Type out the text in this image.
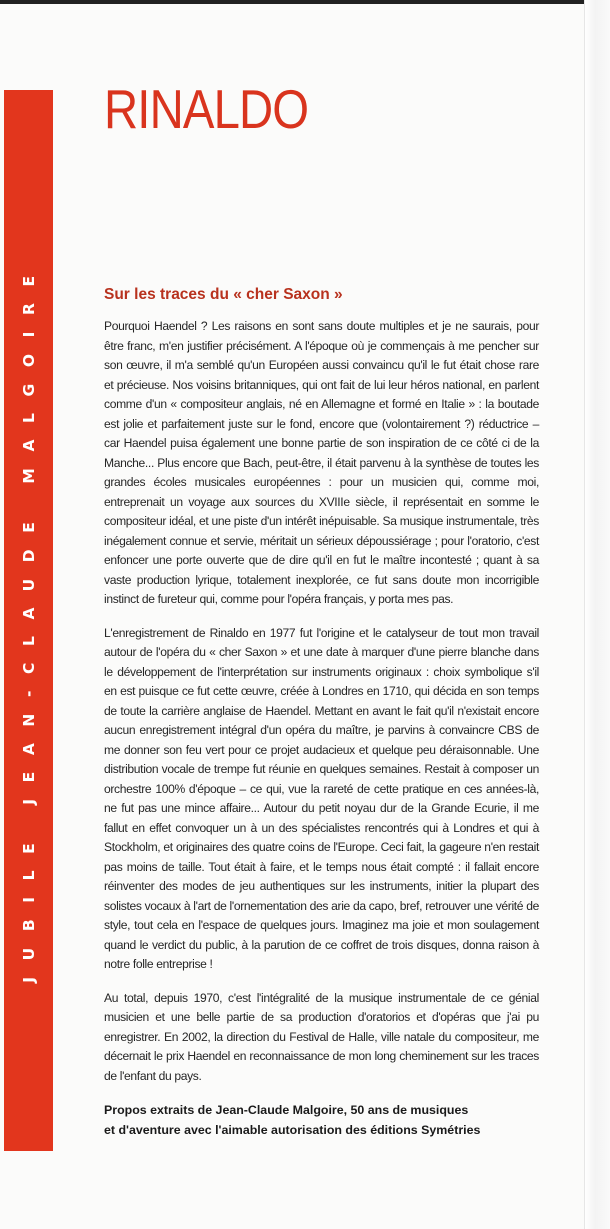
JUBILE JEAN-CLAUDE MALGOIRE
RINALDO
Sur les traces du « cher Saxon »

Pourquoi Haendel ? Les raisons en sont sans doute multiples et je ne saurais, pour être franc, m'en justifier précisément. A l'époque où je commençais à me pencher sur son œuvre, il m'a semblé qu'un Européen aussi convaincu qu'il le fut était chose rare et précieuse. Nos voisins britanniques, qui ont fait de lui leur héros national, en parlent comme d'un « compositeur anglais, né en Allemagne et formé en Italie » : la boutade est jolie et parfaitement juste sur le fond, encore que (volontairement ?) réductrice – car Haendel puisa également une bonne partie de son inspiration de ce côté ci de la Manche... Plus encore que Bach, peut-être, il était parvenu à la synthèse de toutes les grandes écoles musicales européennes : pour un musicien qui, comme moi, entreprenait un voyage aux sources du XVIIIe siècle, il représentait en somme le compositeur idéal, et une piste d'un intérêt inépuisable. Sa musique instrumentale, très inégalement connue et servie, méritait un sérieux dépoussiérage ; pour l'oratorio, c'est enfoncer une porte ouverte que de dire qu'il en fut le maître incontesté ; quant à sa vaste production lyrique, totalement inexplorée, ce fut sans doute mon incorrigible instinct de fureteur qui, comme pour l'opéra français, y porta mes pas.

L'enregistrement de Rinaldo en 1977 fut l'origine et le catalyseur de tout mon travail autour de l'opéra du « cher Saxon » et une date à marquer d'une pierre blanche dans le développement de l'interprétation sur instruments originaux : choix symbolique s'il en est puisque ce fut cette œuvre, créée à Londres en 1710, qui décida en son temps de toute la carrière anglaise de Haendel. Mettant en avant le fait qu'il n'existait encore aucun enregistrement intégral d'un opéra du maître, je parvins à convaincre CBS de me donner son feu vert pour ce projet audacieux et quelque peu déraisonnable. Une distribution vocale de trempe fut réunie en quelques semaines. Restait à composer un orchestre 100% d'époque – ce qui, vue la rareté de cette pratique en ces années-là, ne fut pas une mince affaire... Autour du petit noyau dur de la Grande Ecurie, il me fallut en effet convoquer un à un des spécialistes rencontrés qui à Londres et qui à Stockholm, et originaires des quatre coins de l'Europe. Ceci fait, la gageure n'en restait pas moins de taille. Tout était à faire, et le temps nous était compté : il fallait encore réinventer des modes de jeu authentiques sur les instruments, initier la plupart des solistes vocaux à l'art de l'ornementation des arie da capo, bref, retrouver une vérité de style, tout cela en l'espace de quelques jours. Imaginez ma joie et mon soulagement quand le verdict du public, à la parution de ce coffret de trois disques, donna raison à notre folle entreprise !

Au total, depuis 1970, c'est l'intégralité de la musique instrumentale de ce génial musicien et une belle partie de sa production d'oratorios et d'opéras que j'ai pu enregistrer. En 2002, la direction du Festival de Halle, ville natale du compositeur, me décernait le prix Haendel en reconnaissance de mon long cheminement sur les traces de l'enfant du pays.

Propos extraits de Jean-Claude Malgoire, 50 ans de musiques
et d'aventure avec l'aimable autorisation des éditions Symétries
